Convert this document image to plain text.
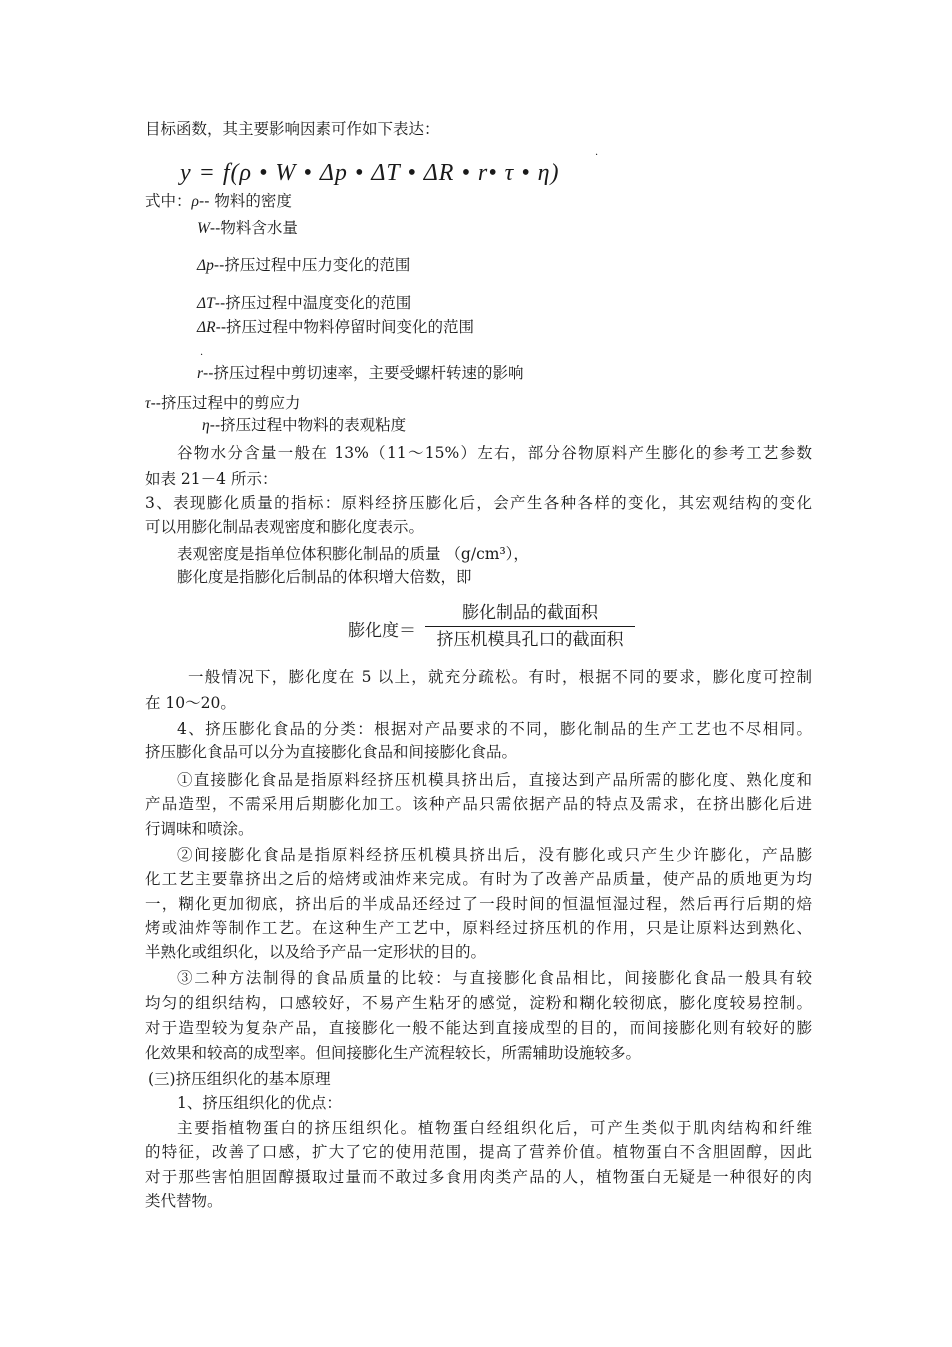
目标函数，其主要影响因素可作如下表达：
y = f(ρ • W • Δp • ΔT • ΔR • r• τ • η)
·
式中：ρ-- 物料的密度
W--物料含水量
Δp--挤压过程中压力变化的范围
ΔT--挤压过程中温度变化的范围
ΔR--挤压过程中物料停留时间变化的范围
·
r--挤压过程中剪切速率，主要受螺杆转速的影响
τ--挤压过程中的剪应力
η--挤压过程中物料的表观粘度
谷物水分含量一般在 13%（11～15%）左右，部分谷物原料产生膨化的参考工艺参数
如表 21－4 所示：
3、表现膨化质量的指标：原料经挤压膨化后，会产生各种各样的变化，其宏观结构的变化
可以用膨化制品表观密度和膨化度表示。
表观密度是指单位体积膨化制品的质量 （g/cm³），
膨化度是指膨化后制品的体积增大倍数，即
膨化度＝
膨化制品的截面积
挤压机模具孔口的截面积
一般情况下，膨化度在 5 以上，就充分疏松。有时，根据不同的要求，膨化度可控制
在 10～20。
4、挤压膨化食品的分类：根据对产品要求的不同，膨化制品的生产工艺也不尽相同。
挤压膨化食品可以分为直接膨化食品和间接膨化食品。
①直接膨化食品是指原料经挤压机模具挤出后，直接达到产品所需的膨化度、熟化度和
产品造型，不需采用后期膨化加工。该种产品只需依据产品的特点及需求，在挤出膨化后进
行调味和喷涂。
②间接膨化食品是指原料经挤压机模具挤出后，没有膨化或只产生少许膨化，产品膨
化工艺主要靠挤出之后的焙烤或油炸来完成。有时为了改善产品质量，使产品的质地更为均
一，糊化更加彻底，挤出后的半成品还经过了一段时间的恒温恒湿过程，然后再行后期的焙
烤或油炸等制作工艺。在这种生产工艺中，原料经过挤压机的作用，只是让原料达到熟化、
半熟化或组织化，以及给予产品一定形状的目的。
③二种方法制得的食品质量的比较：与直接膨化食品相比，间接膨化食品一般具有较
均匀的组织结构，口感较好，不易产生粘牙的感觉，淀粉和糊化较彻底，膨化度较易控制。
对于造型较为复杂产品，直接膨化一般不能达到直接成型的目的，而间接膨化则有较好的膨
化效果和较高的成型率。但间接膨化生产流程较长，所需辅助设施较多。
(三)挤压组织化的基本原理
1、挤压组织化的优点：
主要指植物蛋白的挤压组织化。植物蛋白经组织化后，可产生类似于肌肉结构和纤维
的特征，改善了口感，扩大了它的使用范围，提高了营养价值。植物蛋白不含胆固醇，因此
对于那些害怕胆固醇摄取过量而不敢过多食用肉类产品的人，植物蛋白无疑是一种很好的肉
类代替物。
